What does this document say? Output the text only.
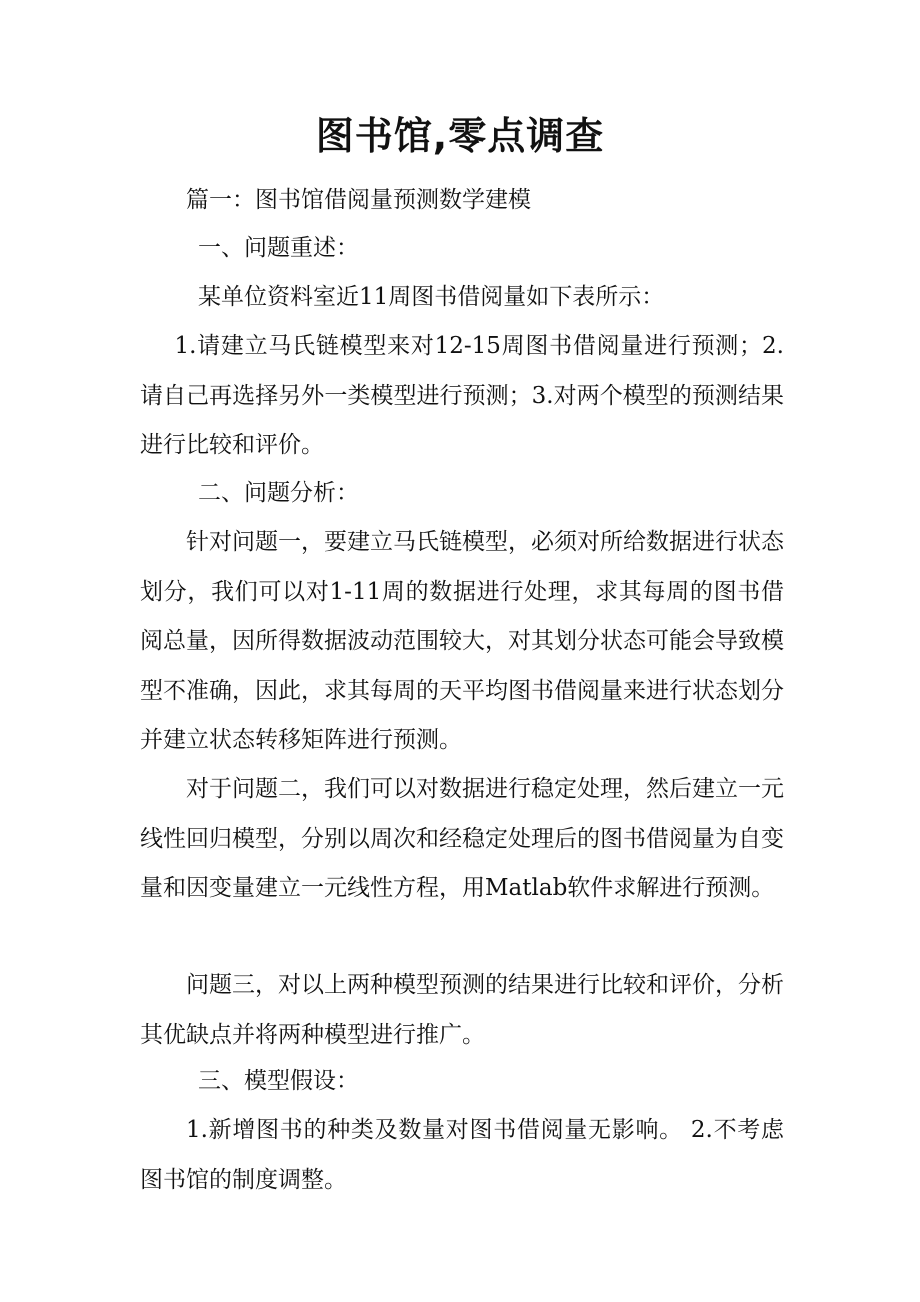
图书馆,零点调查

篇一：图书馆借阅量预测数学建模

一、问题重述：

某单位资料室近11周图书借阅量如下表所示：

1.请建立马氏链模型来对12-15周图书借阅量进行预测；2.请自己再选择另外一类模型进行预测；3.对两个模型的预测结果进行比较和评价。

二、问题分析：

针对问题一，要建立马氏链模型，必须对所给数据进行状态划分，我们可以对1-11周的数据进行处理，求其每周的图书借阅总量，因所得数据波动范围较大，对其划分状态可能会导致模型不准确，因此，求其每周的天平均图书借阅量来进行状态划分并建立状态转移矩阵进行预测。

对于问题二，我们可以对数据进行稳定处理，然后建立一元线性回归模型，分别以周次和经稳定处理后的图书借阅量为自变量和因变量建立一元线性方程，用Matlab软件求解进行预测。

问题三，对以上两种模型预测的结果进行比较和评价，分析其优缺点并将两种模型进行推广。

三、模型假设：

1.新增图书的种类及数量对图书借阅量无影响。 2.不考虑图书馆的制度调整。
